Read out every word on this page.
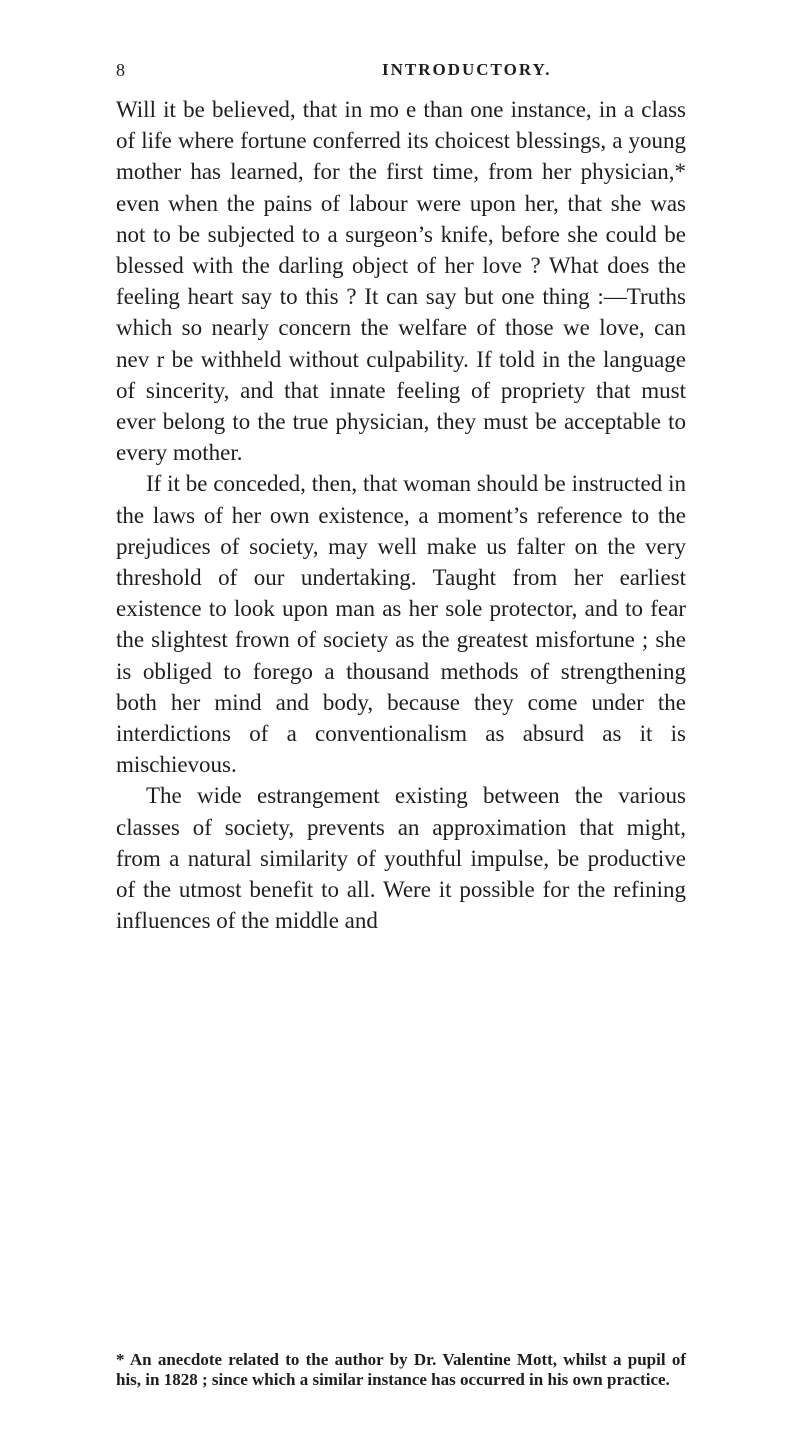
8	INTRODUCTORY.

Will it be believed, that in mo e than one instance, in a class of life where fortune conferred its choicest blessings, a young mother has learned, for the first time, from her physician,* even when the pains of labour were upon her, that she was not to be subjected to a surgeon’s knife, before she could be blessed with the darling object of her love ? What does the feeling heart say to this ? It can say but one thing :—Truths which so nearly concern the welfare of those we love, can nev r be withheld without culpability. If told in the language of sincerity, and that innate feeling of propriety that must ever belong to the true physician, they must be acceptable to every mother.

If it be conceded, then, that woman should be instructed in the laws of her own existence, a moment’s reference to the prejudices of society, may well make us falter on the very threshold of our undertaking. Taught from her earliest existence to look upon man as her sole protector, and to fear the slightest frown of society as the greatest misfortune ; she is obliged to forego a thousand methods of strengthening both her mind and body, because they come under the interdictions of a conventionalism as absurd as it is mischievous.

The wide estrangement existing between the various classes of society, prevents an approximation that might, from a natural similarity of youthful impulse, be productive of the utmost benefit to all. Were it possible for the refining influences of the middle and

* An anecdote related to the author by Dr. Valentine Mott, whilst a pupil of his, in 1828 ; since which a similar instance has occurred in his own practice.
